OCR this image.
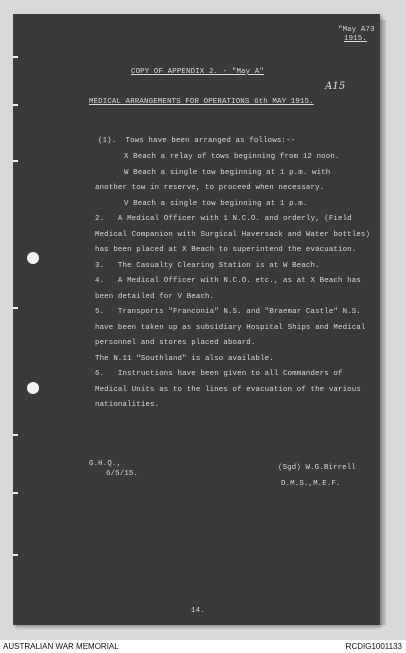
"May A73
1915.
COPY OF APPENDIX 2. - "May A"
A15
MEDICAL ARRANGEMENTS FOR OPERATIONS 6th MAY 1915.
(1).  Tows have been arranged as follows:--
X Beach a relay of tows beginning from 12 noon.
W Beach a single tow beginning at 1 p.m. with
another tow in reserve, to proceed when necessary.
V Beach a single tow beginning at 1 p.m.
2.   A Medical Officer with 1 N.C.O. and orderly, (Field
Medical Companion with Surgical Haversack and Water bottles)
has been placed at X Beach to superintend the evacuation.
3.   The Casualty Clearing Station is at W Beach.
4.   A Medical Officer with N.C.O. etc., as at X Beach has
been detailed for V Beach.
5.   Transports "Franconia" N.S. and "Braemar Castle" N.S.
have been taken up as subsidiary Hospital Ships and Medical
personnel and stores placed aboard.
The N.11 "Southland" is also available.
6.   Instructions have been given to all Commanders of
Medical Units as to the lines of evacuation of the various
nationalities.
G.H.Q.,
6/5/15.
(Sgd) W.G.Birrell
D.M.S.,M.E.F.
14.
AUSTRALIAN WAR MEMORIAL	RCDIG1001133
